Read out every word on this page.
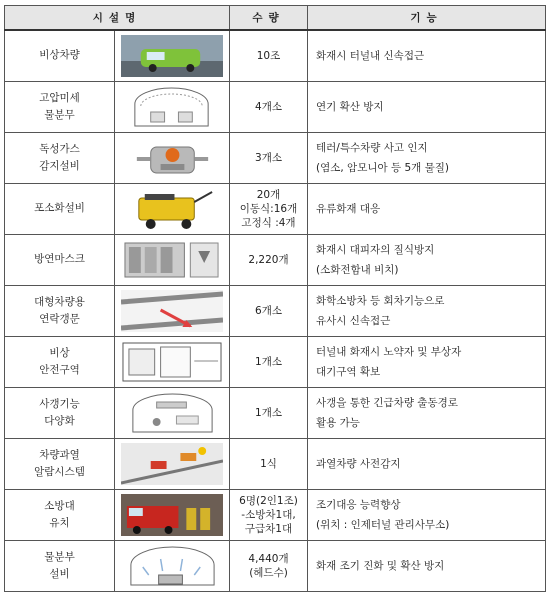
시설명		수량	기능

비상차량		10조	화재시 터널내 신속접근

고압미세
물분무		4개소	연기 확산 방지

독성가스
감지설비		3개소	테러/특수차량 사고 인지
(염소, 암모니아 등 5개 물질)

포소화설비		20개
이동식:16개
고정식 :4개	유류화재 대응

방연마스크		2,220개	화재시 대피자의 질식방지
(소화전함내 비치)

대형차량용
연락갱문		6개소	화학소방차 등 회차기능으로
유사시 신속접근

비상
안전구역		1개소	터널내 화재시 노약자 및 부상자
대기구역 확보

사갱기능
다양화		1개소	사갱을 통한 긴급차량 출동경로
활용 가능

차량과열
알람시스템		1식	과열차량 사전감지

소방대
유치		6명(2인1조)
-소방차1대,
구급차1대	조기대응 능력향상
(위치 : 인제터널 관리사무소)

물분부
설비		4,440개
(헤드수)	화재 조기 진화 및 확산 방지
